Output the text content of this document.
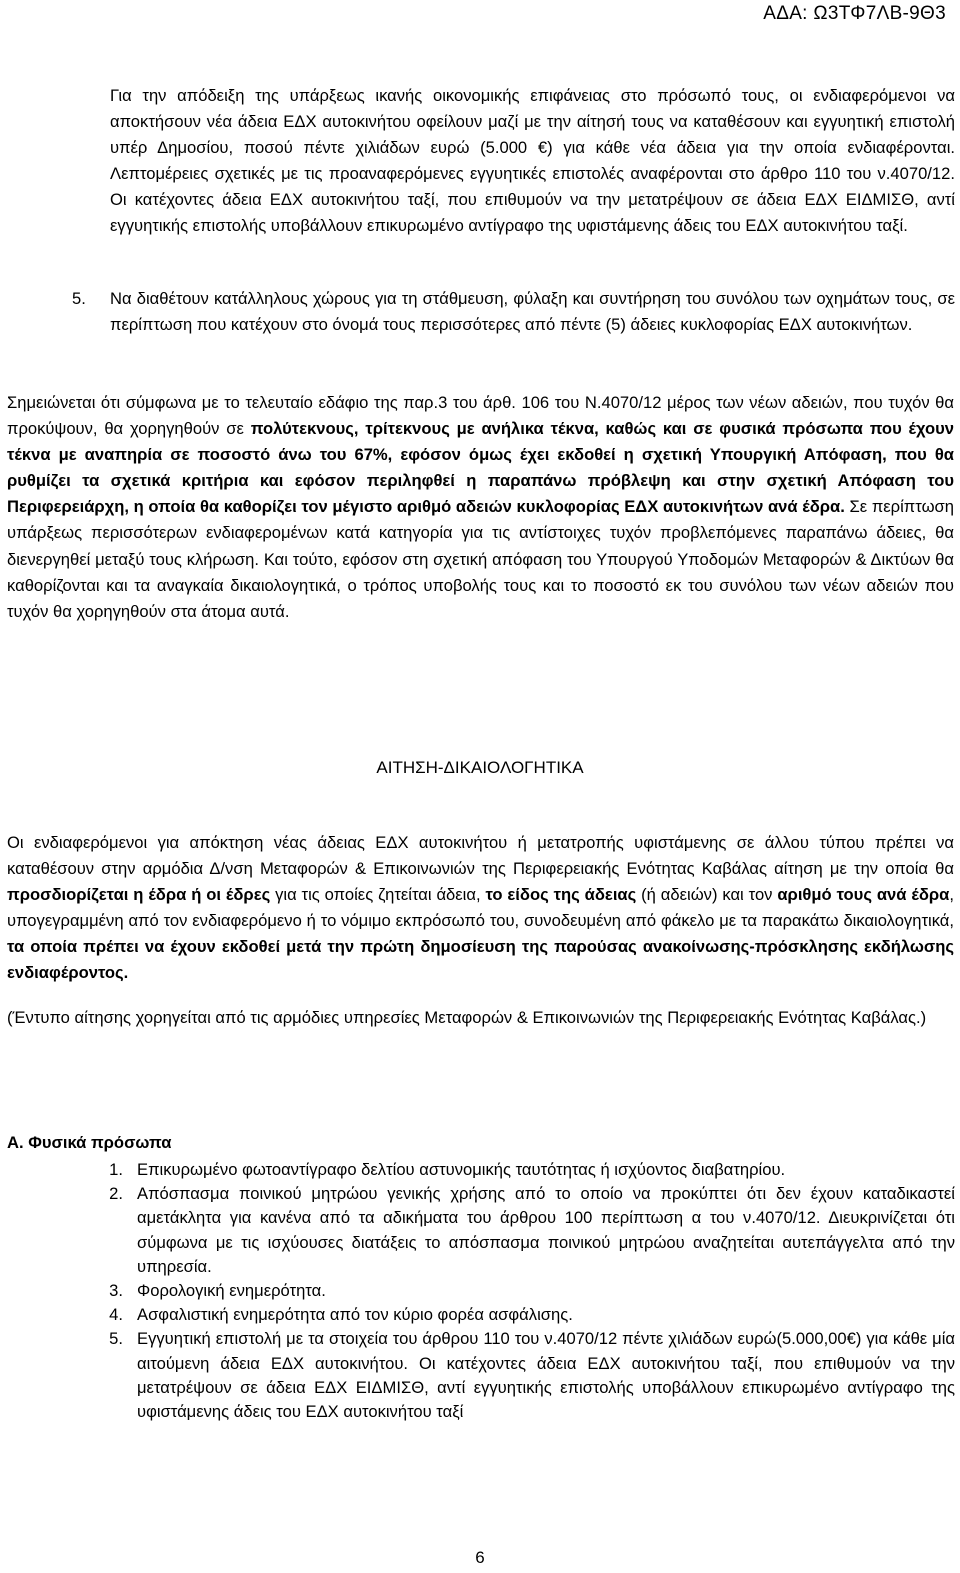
ΑΔΑ: Ω3ΤΦ7ΛΒ-9Θ3
Για την απόδειξη της υπάρξεως ικανής οικονομικής επιφάνειας στο πρόσωπό τους, οι ενδιαφερόμενοι να αποκτήσουν νέα άδεια ΕΔΧ αυτοκινήτου οφείλουν μαζί με την αίτησή τους να καταθέσουν και εγγυητική επιστολή υπέρ Δημοσίου, ποσού πέντε χιλιάδων ευρώ (5.000 €) για κάθε νέα άδεια για την οποία ενδιαφέρονται. Λεπτομέρειες σχετικές με τις προαναφερόμενες εγγυητικές επιστολές αναφέρονται στο άρθρο 110 του ν.4070/12. Οι κατέχοντες άδεια ΕΔΧ αυτοκινήτου ταξί, που επιθυμούν να την μετατρέψουν σε άδεια ΕΔΧ ΕΙΔΜΙΣΘ, αντί εγγυητικής επιστολής υποβάλλουν επικυρωμένο αντίγραφο της υφιστάμενης άδεις του ΕΔΧ αυτοκινήτου ταξί.
5.	Να διαθέτουν κατάλληλους χώρους για τη στάθμευση, φύλαξη και συντήρηση του συνόλου των οχημάτων τους, σε περίπτωση που κατέχουν στο όνομά τους περισσότερες από πέντε (5) άδειες κυκλοφορίας ΕΔΧ αυτοκινήτων.
Σημειώνεται ότι σύμφωνα με το τελευταίο εδάφιο της παρ.3 του άρθ. 106 του Ν.4070/12 μέρος των νέων αδειών, που τυχόν θα προκύψουν, θα χορηγηθούν σε πολύτεκνους, τρίτεκνους με ανήλικα τέκνα, καθώς και σε φυσικά πρόσωπα που έχουν τέκνα με αναπηρία σε ποσοστό άνω του 67%, εφόσον όμως έχει εκδοθεί η σχετική Υπουργική Απόφαση, που θα ρυθμίζει τα σχετικά κριτήρια και εφόσον περιληφθεί η παραπάνω πρόβλεψη και στην σχετική Απόφαση του Περιφερειάρχη, η οποία θα καθορίζει τον μέγιστο αριθμό αδειών κυκλοφορίας ΕΔΧ αυτοκινήτων ανά έδρα. Σε περίπτωση υπάρξεως περισσότερων ενδιαφερομένων κατά κατηγορία για τις αντίστοιχες τυχόν προβλεπόμενες παραπάνω άδειες, θα διενεργηθεί μεταξύ τους κλήρωση. Και τούτο, εφόσον στη σχετική απόφαση του Υπουργού Υποδομών Μεταφορών & Δικτύων θα καθορίζονται και τα αναγκαία δικαιολογητικά, ο τρόπος υποβολής τους και το ποσοστό εκ του συνόλου των νέων αδειών που τυχόν θα χορηγηθούν στα άτομα αυτά.
ΑΙΤΗΣΗ-ΔΙΚΑΙΟΛΟΓΗΤΙΚΑ
Οι ενδιαφερόμενοι για απόκτηση νέας άδειας ΕΔΧ αυτοκινήτου ή μετατροπής υφιστάμενης σε άλλου τύπου πρέπει να καταθέσουν στην αρμόδια Δ/νση Μεταφορών & Επικοινωνιών της Περιφερειακής Ενότητας Καβάλας αίτηση με την οποία θα προσδιορίζεται η έδρα ή οι έδρες για τις οποίες ζητείται άδεια, το είδος της άδειας (ή αδειών) και τον αριθμό τους ανά έδρα, υπογεγραμμένη από τον ενδιαφερόμενο ή το νόμιμο εκπρόσωπό του, συνοδευμένη από φάκελο με τα παρακάτω δικαιολογητικά, τα οποία πρέπει να έχουν εκδοθεί μετά την πρώτη δημοσίευση της παρούσας ανακοίνωσης-πρόσκλησης εκδήλωσης ενδιαφέροντος.
(Έντυπο αίτησης χορηγείται από τις αρμόδιες υπηρεσίες Μεταφορών & Επικοινωνιών της Περιφερειακής Ενότητας Καβάλας.)
Α. Φυσικά πρόσωπα
1. Επικυρωμένο φωτοαντίγραφο δελτίου αστυνομικής ταυτότητας ή ισχύοντος διαβατηρίου.
2. Απόσπασμα ποινικού μητρώου γενικής χρήσης από το οποίο να προκύπτει ότι δεν έχουν καταδικαστεί αμετάκλητα για κανένα από τα αδικήματα του άρθρου 100 περίπτωση α του ν.4070/12. Διευκρινίζεται ότι σύμφωνα με τις ισχύουσες διατάξεις το απόσπασμα ποινικού μητρώου αναζητείται αυτεπάγγελτα από την υπηρεσία.
3. Φορολογική ενημερότητα.
4. Ασφαλιστική ενημερότητα από τον κύριο φορέα ασφάλισης.
5. Εγγυητική επιστολή με τα στοιχεία του άρθρου 110 του ν.4070/12 πέντε χιλιάδων ευρώ(5.000,00€) για κάθε μία αιτούμενη άδεια ΕΔΧ αυτοκινήτου. Οι κατέχοντες άδεια ΕΔΧ αυτοκινήτου ταξί, που επιθυμούν να την μετατρέψουν σε άδεια ΕΔΧ ΕΙΔΜΙΣΘ, αντί εγγυητικής επιστολής υποβάλλουν επικυρωμένο αντίγραφο της υφιστάμενης άδεις του ΕΔΧ αυτοκινήτου ταξί
6
